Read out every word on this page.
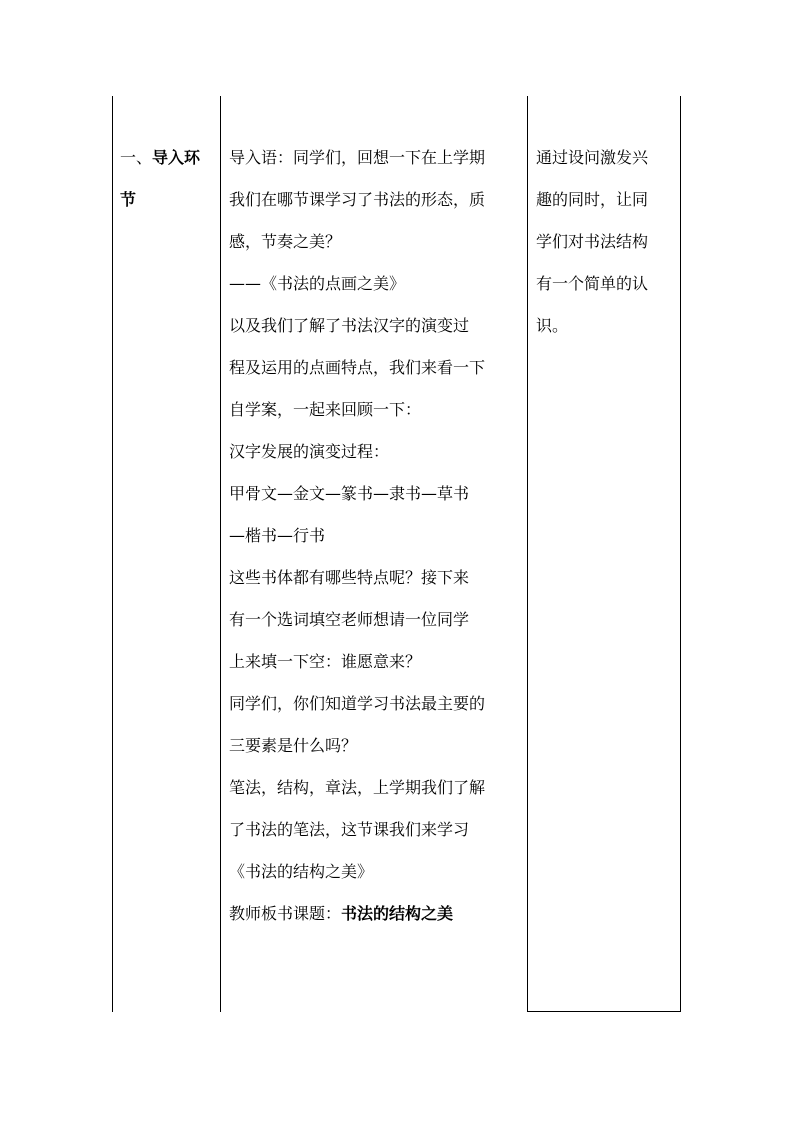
一、导入环
节
导入语：同学们，回想一下在上学期
我们在哪节课学习了书法的形态，质
感，节奏之美？
——《书法的点画之美》
以及我们了解了书法汉字的演变过
程及运用的点画特点，我们来看一下
自学案，一起来回顾一下：
汉字发展的演变过程：
甲骨文—金文—篆书—隶书—草书
—楷书—行书
这些书体都有哪些特点呢？接下来
有一个选词填空老师想请一位同学
上来填一下空：谁愿意来？
同学们，你们知道学习书法最主要的
三要素是什么吗？
笔法，结构，章法，上学期我们了解
了书法的笔法，这节课我们来学习
《书法的结构之美》
教师板书课题：书法的结构之美
通过设问激发兴
趣的同时，让同
学们对书法结构
有一个简单的认
识。
